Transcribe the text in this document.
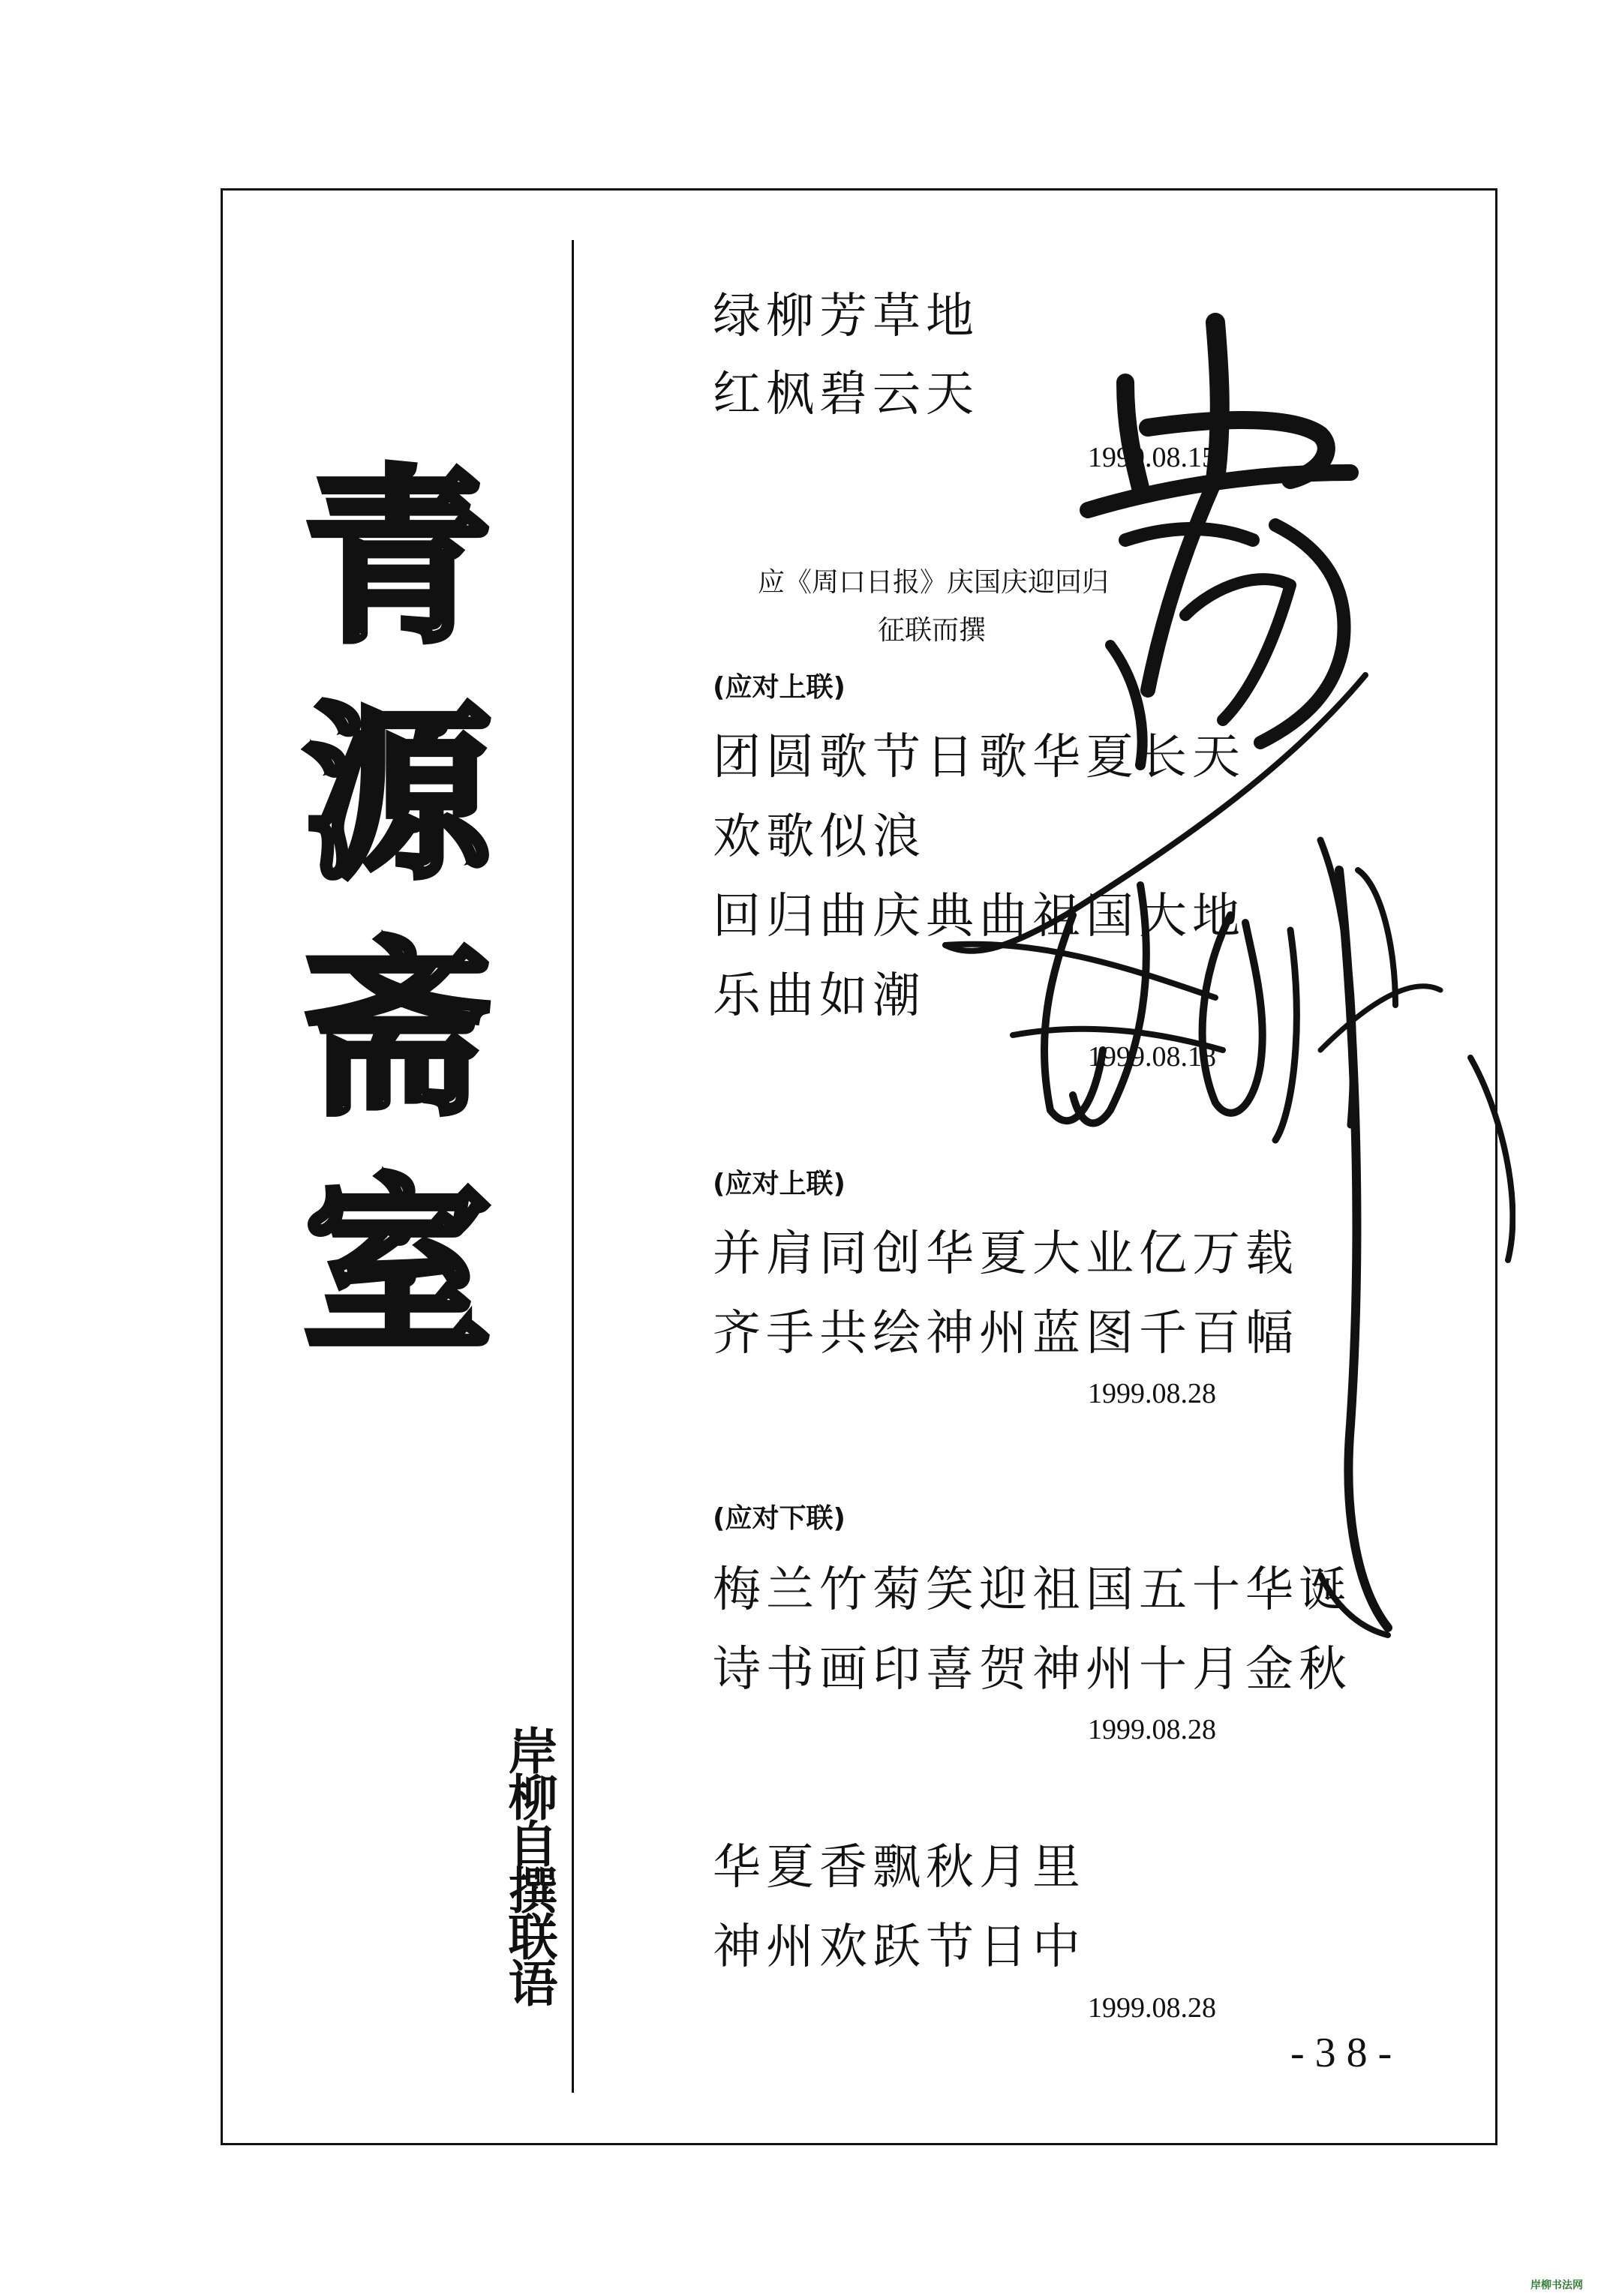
青
源
斋
室
岸柳自撰联语
绿柳芳草地
红枫碧云天
1999.08.15
应《周口日报》庆国庆迎回归
征联而撰
(应对上联)
团圆歌节日歌华夏长天
欢歌似浪
回归曲庆典曲祖国大地
乐曲如潮
1999.08.18
(应对上联)
并肩同创华夏大业亿万载
齐手共绘神州蓝图千百幅
1999.08.28
(应对下联)
梅兰竹菊笑迎祖国五十华诞
诗书画印喜贺神州十月金秋
1999.08.28
华夏香飘秋月里
神州欢跃节日中
1999.08.28
-38-
岸柳书法网
